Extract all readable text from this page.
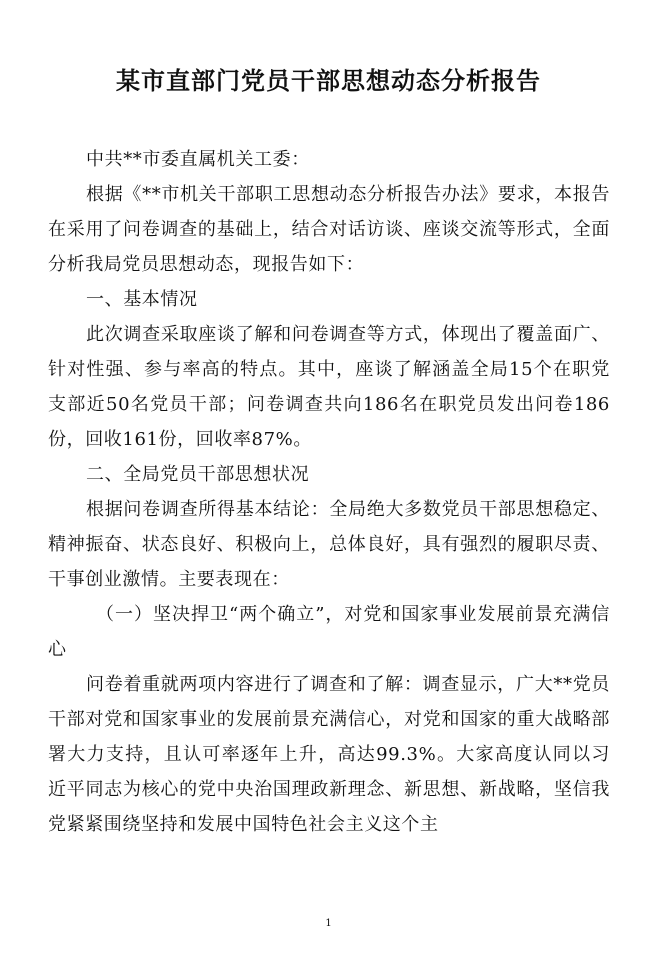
某市直部门党员干部思想动态分析报告

中共**市委直属机关工委：

根据《**市机关干部职工思想动态分析报告办法》要求，本报告在采用了问卷调查的基础上，结合对话访谈、座谈交流等形式，全面分析我局党员思想动态，现报告如下：

一、基本情况

此次调查采取座谈了解和问卷调查等方式，体现出了覆盖面广、针对性强、参与率高的特点。其中，座谈了解涵盖全局15个在职党支部近50名党员干部；问卷调查共向186名在职党员发出问卷186份，回收161份，回收率87%。

二、全局党员干部思想状况

根据问卷调查所得基本结论：全局绝大多数党员干部思想稳定、精神振奋、状态良好、积极向上，总体良好，具有强烈的履职尽责、干事创业激情。主要表现在：

（一）坚决捍卫“两个确立”，对党和国家事业发展前景充满信心

问卷着重就两项内容进行了调查和了解：调查显示，广大**党员干部对党和国家事业的发展前景充满信心，对党和国家的重大战略部署大力支持，且认可率逐年上升，高达99.3%。大家高度认同以习近平同志为核心的党中央治国理政新理念、新思想、新战略，坚信我党紧紧围绕坚持和发展中国特色社会主义这个主

1
